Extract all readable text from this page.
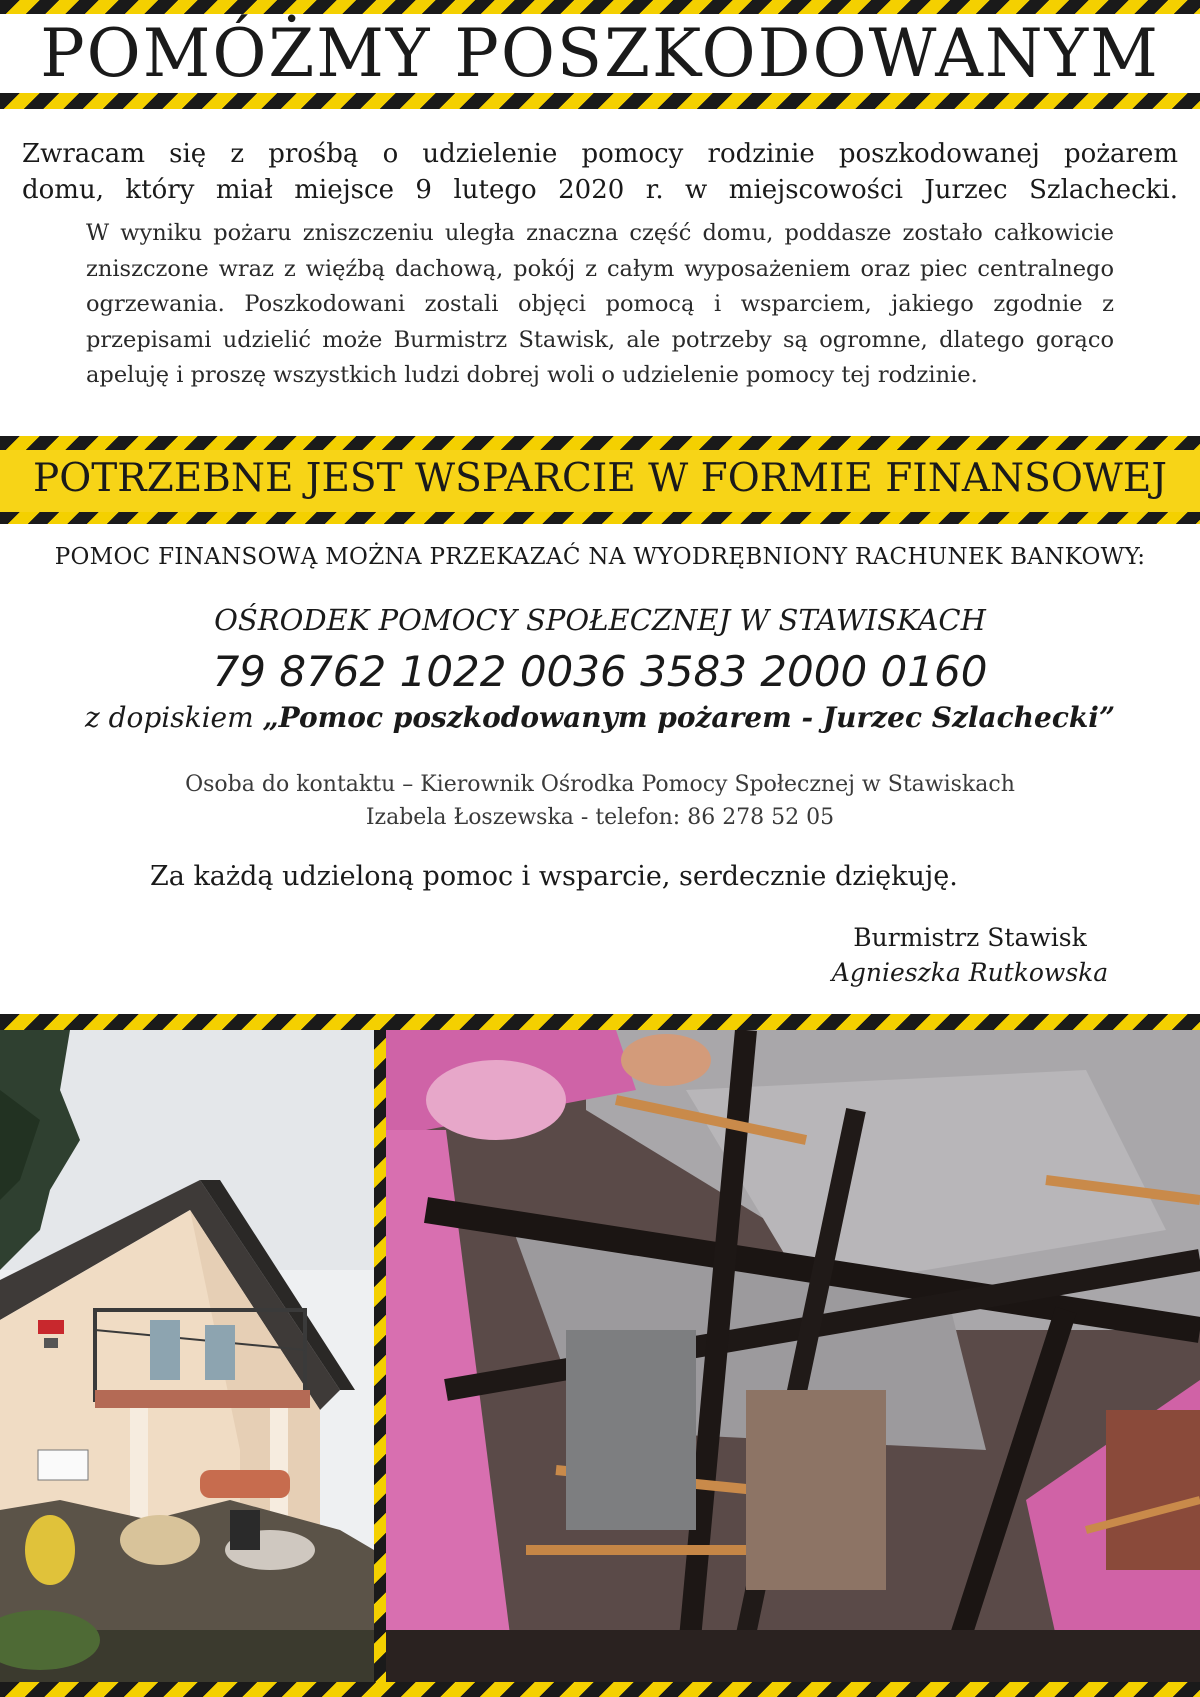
POMÓŻMY POSZKODOWANYM
Zwracam się z prośbą o udzielenie pomocy rodzinie poszkodowanej pożarem
domu, który miał miejsce 9 lutego 2020 r. w miejscowości Jurzec Szlachecki.

W wyniku pożaru zniszczeniu uległa znaczna część domu, poddasze zostało całkowicie zniszczone wraz z więźbą dachową, pokój z całym wyposażeniem oraz piec centralnego ogrzewania. Poszkodowani zostali objęci pomocą i wsparciem, jakiego zgodnie z przepisami udzielić może Burmistrz Stawisk, ale potrzeby są ogromne, dlatego gorąco apeluję i proszę wszystkich ludzi dobrej woli o udzielenie pomocy tej rodzinie.

POTRZEBNE JEST WSPARCIE W FORMIE FINANSOWEJ
POMOC FINANSOWĄ MOŻNA PRZEKAZAĆ NA WYODRĘBNIONY RACHUNEK BANKOWY:
OŚRODEK POMOCY SPOŁECZNEJ W STAWISKACH
79 8762 1022 0036 3583 2000 0160
z dopiskiem „Pomoc poszkodowanym pożarem - Jurzec Szlachecki”
Osoba do kontaktu – Kierownik Ośrodka Pomocy Społecznej w Stawiskach
Izabela Łoszewska - telefon: 86 278 52 05
Za każdą udzieloną pomoc i wsparcie, serdecznie dziękuję.
Burmistrz Stawisk
Agnieszka Rutkowska
